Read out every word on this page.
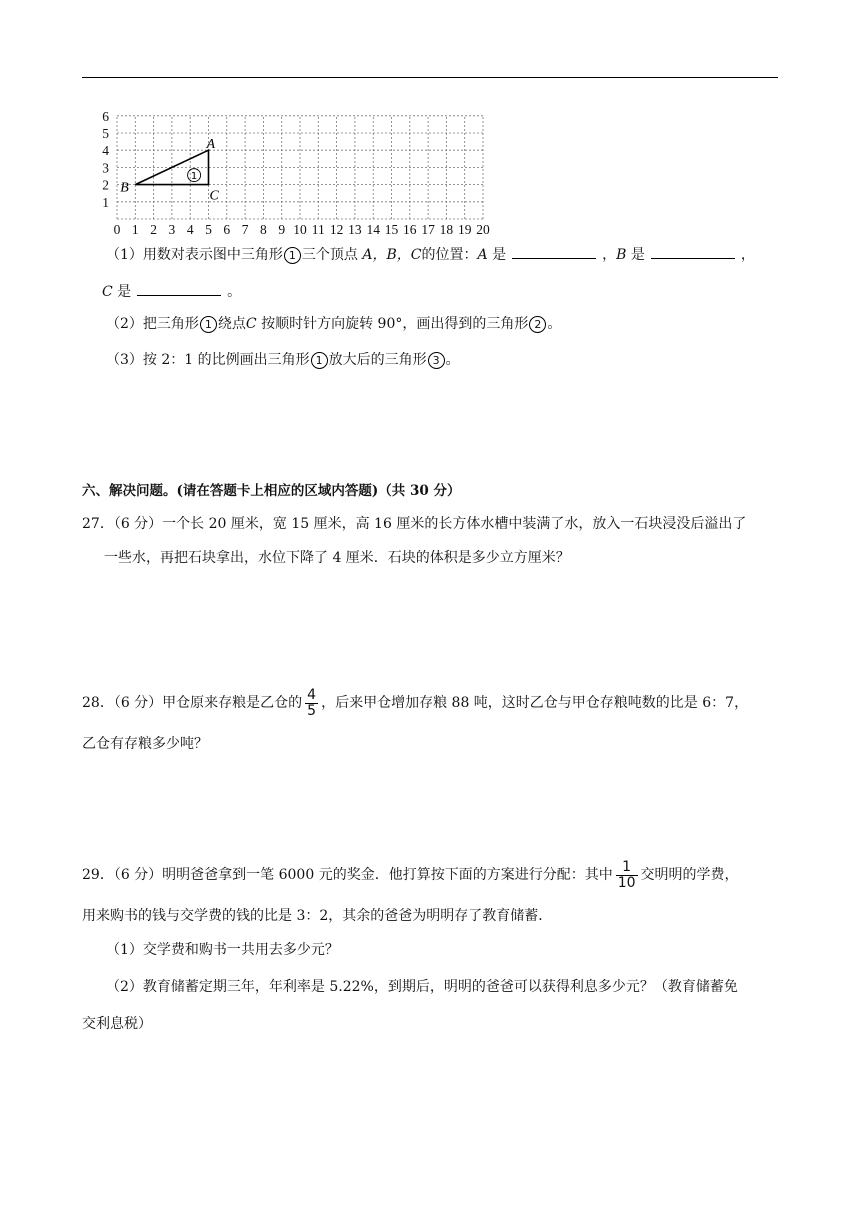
0 1 2 3 4 5 6 7 8 9 10 11 12 13 14 15 16 17 18 19 20
1
2
3
4
5
6
1
A
B
C
（1）用数对表示图中三角形 1 三个顶点 A，B，C的位置：A 是	，B 是	，
C 是	。
（2）把三角形 1 绕点C 按顺时针方向旋转 90°，画出得到的三角形 2 。
（3）按 2：1 的比例画出三角形 1 放大后的三角形 3 。
六、解决问题。(请在答题卡上相应的区域内答题)（共 30 分）
27．（6 分）一个长 20 厘米，宽 15 厘米，高 16 厘米的长方体水槽中装满了水，放入一石块浸没后溢出了
一些水，再把石块拿出，水位下降了 4 厘米．石块的体积是多少立方厘米？
28．（6 分）甲仓原来存粮是乙仓的 $\frac{4}{5}$ ，后来甲仓增加存粮 88 吨，这时乙仓与甲仓存粮吨数的比是 6：7，
乙仓有存粮多少吨？
29．（6 分）明明爸爸拿到一笔 6000 元的奖金．他打算按下面的方案进行分配：其中 $\frac{1}{10}$ 交明明的学费，
用来购书的钱与交学费的钱的比是 3：2，其余的爸爸为明明存了教育储蓄．
（1）交学费和购书一共用去多少元？
（2）教育储蓄定期三年，年利率是 5.22%，到期后，明明的爸爸可以获得利息多少元？（教育储蓄免
交利息税）
